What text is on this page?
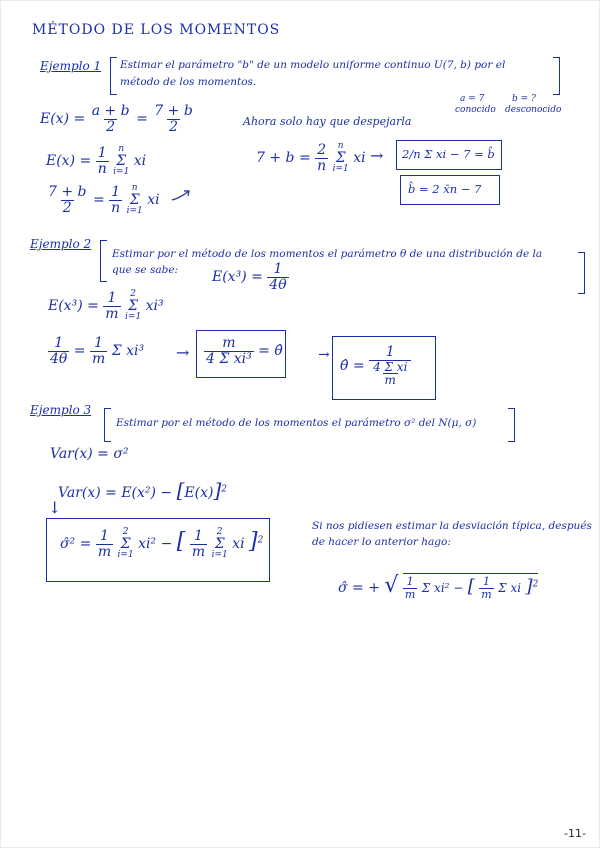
MÉTODO DE LOS MOMENTOS
Ejemplo 1 Estimar el parámetro "b" de un modelo uniforme continuo U(7, b) por el
método de los momentos.
a = 7
conocido
b = ?
desconocido
$E(x) = \frac{a + b}{2} = \frac{7 + b}{2}$	Ahora solo hay que despejarla
$E(x) = \frac{1}{n}$
n
Σ
i=1
xi	$7 + b = \frac{2}{n}$
n
Σ
i=1
xi → 2/n Σ xi − 7 = b̂
b̂ = 2 x̄n − 7
$\frac{7 + b}{2} = \frac{1}{n}$
n
Σ
i=1
xi
Ejemplo 2
Estimar por el método de los momentos el parámetro θ de una distribución de la
que se sabe: $E(x^3) = \frac{1}{4\theta}$
$E(x^3) = \frac{1}{m}$
2
Σ
i=1
xi³
$\frac{1}{4\theta} = \frac{1}{m}$ Σ $xi^3 \to \frac{m}{\text{4 Σ xi³}}$ = θ̂	→
θ̂ = $\frac{1}{\frac{\text{4 Σ xi}}{m}}$
Ejemplo 3
Estimar por el método de los momentos el parámetro σ² del N(μ, σ)
Var(x) = σ²
$Var(x) = E(x^2) - [E(x)]^2$
↓
σ̂² = $\frac{1}{m}$
2
Σ
i=1
xi² − [ $\frac{1}{m}$
2
Σ
i=1
xi ]$^2$
Si nos pidiesen estimar la desviación típica, después
de hacer lo anterior hago:
σ̂ = + √ $\frac{1}{m}$ Σ xi² − [ $\frac{1}{m}$ Σ xi ]$^2$
-11-
